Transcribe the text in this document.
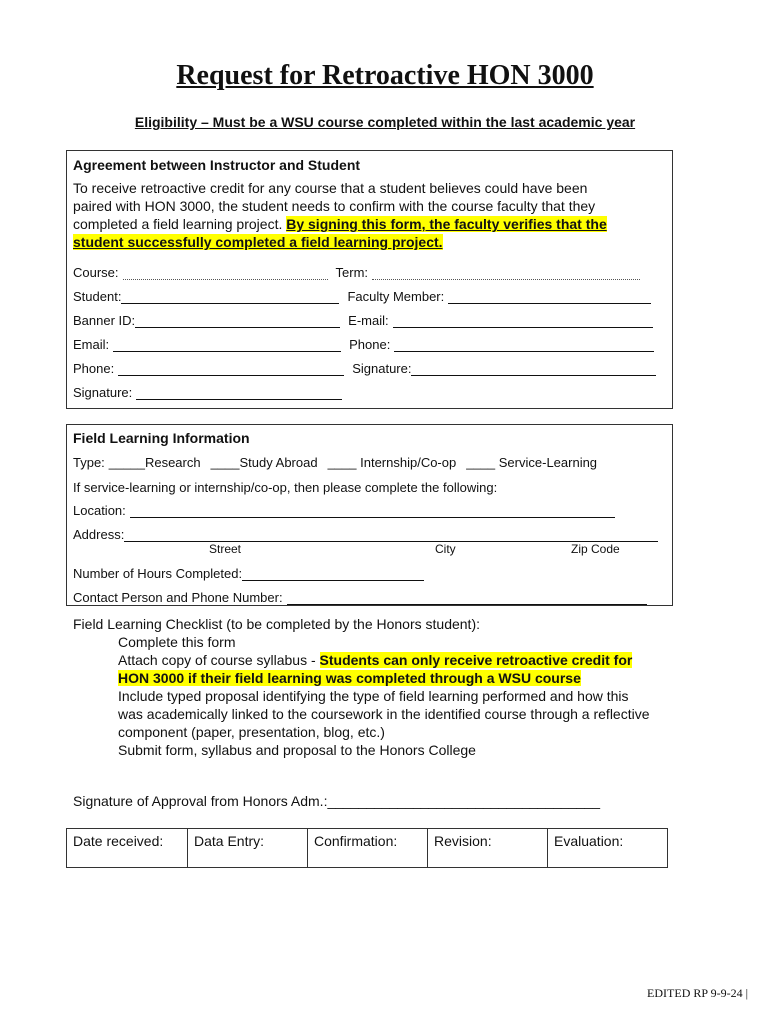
Request for Retroactive HON 3000
Eligibility – Must be a WSU course completed within the last academic year
Agreement between Instructor and Student
To receive retroactive credit for any course that a student believes could have been
paired with HON 3000, the student needs to confirm with the course faculty that they
completed a field learning project. By signing this form, the faculty verifies that the
student successfully completed a field learning project.
Course:	Term:
Student:	Faculty Member:
Banner ID:	E-mail:
Email:	Phone:
Phone:	Signature:
Signature:
Field Learning Information
Type: _____Research ____Study Abroad ____ Internship/Co-op ____ Service-Learning
If service-learning or internship/co-op, then please complete the following:
Location:
Address:
Street	City	Zip Code
Number of Hours Completed:
Contact Person and Phone Number:
Field Learning Checklist (to be completed by the Honors student):
Complete this form
Attach copy of course syllabus - Students can only receive retroactive credit for
HON 3000 if their field learning was completed through a WSU course
Include typed proposal identifying the type of field learning performed and how this
was academically linked to the coursework in the identified course through a reflective
component (paper, presentation, blog, etc.)
Submit form, syllabus and proposal to the Honors College
Signature of Approval from Honors Adm.:___________________________________
Date received:	Data Entry:	Confirmation:	Revision:	Evaluation:
EDITED RP 9-9-24 |
